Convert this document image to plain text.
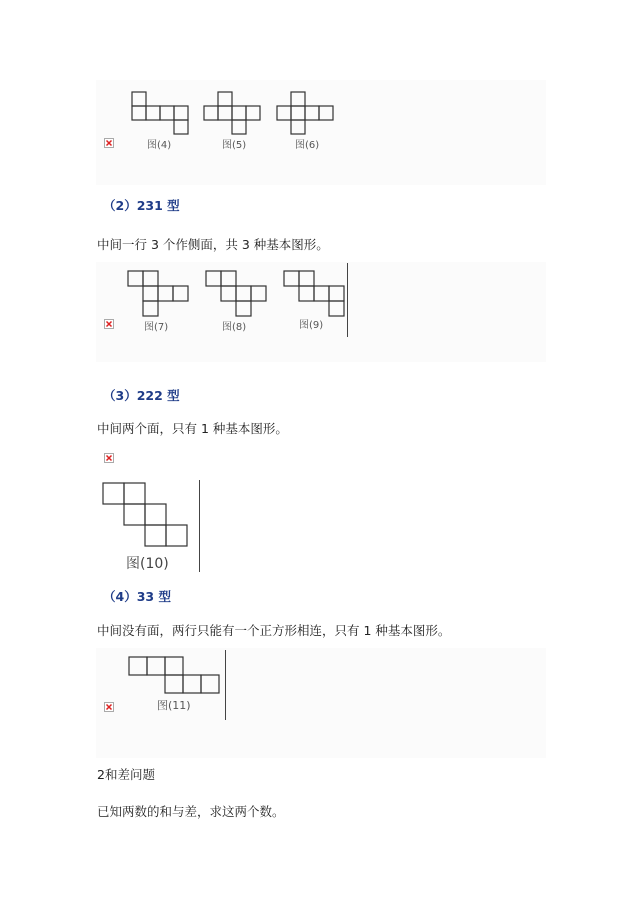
图(4)	图(5)	图(6)
（2）231 型
中间一行 3 个作侧面，共 3 种基本图形。
图(7)	图(8)	图(9)
（3）222 型
中间两个面，只有 1 种基本图形。
图(10)
（4）33 型
中间没有面，两行只能有一个正方形相连，只有 1 种基本图形。
图(11)
2和差问题
已知两数的和与差，求这两个数。
